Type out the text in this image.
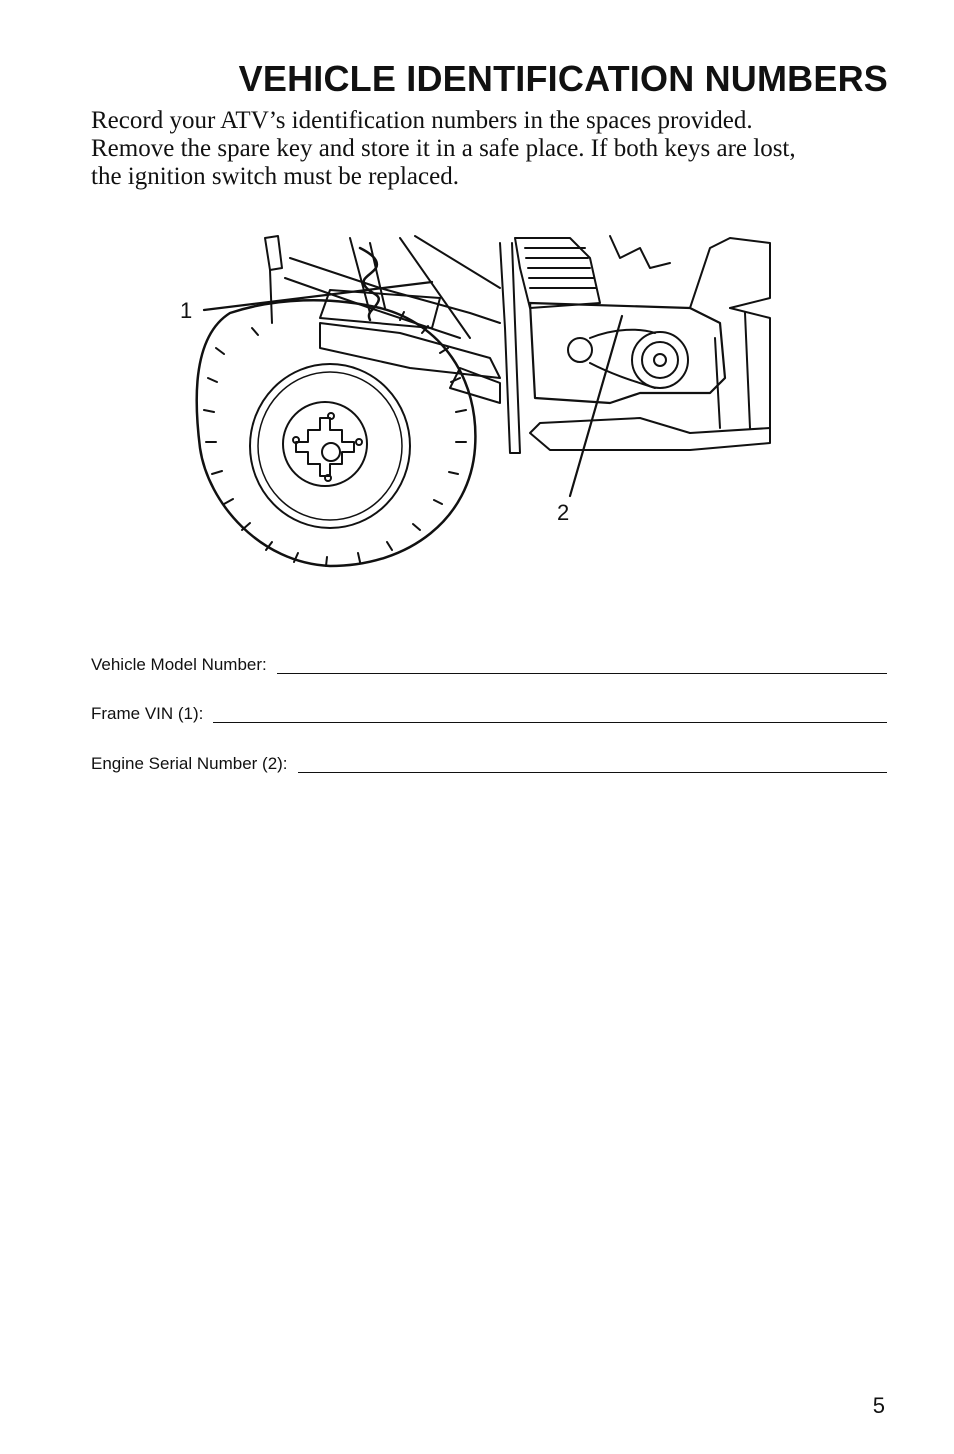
VEHICLE IDENTIFICATION NUMBERS
Record your ATV’s identification numbers in the spaces provided.
Remove the spare key and store it in a safe place. If both keys are lost,
the ignition switch must be replaced.
1
2
Vehicle Model Number:
Frame VIN (1):
Engine Serial Number (2):
5
